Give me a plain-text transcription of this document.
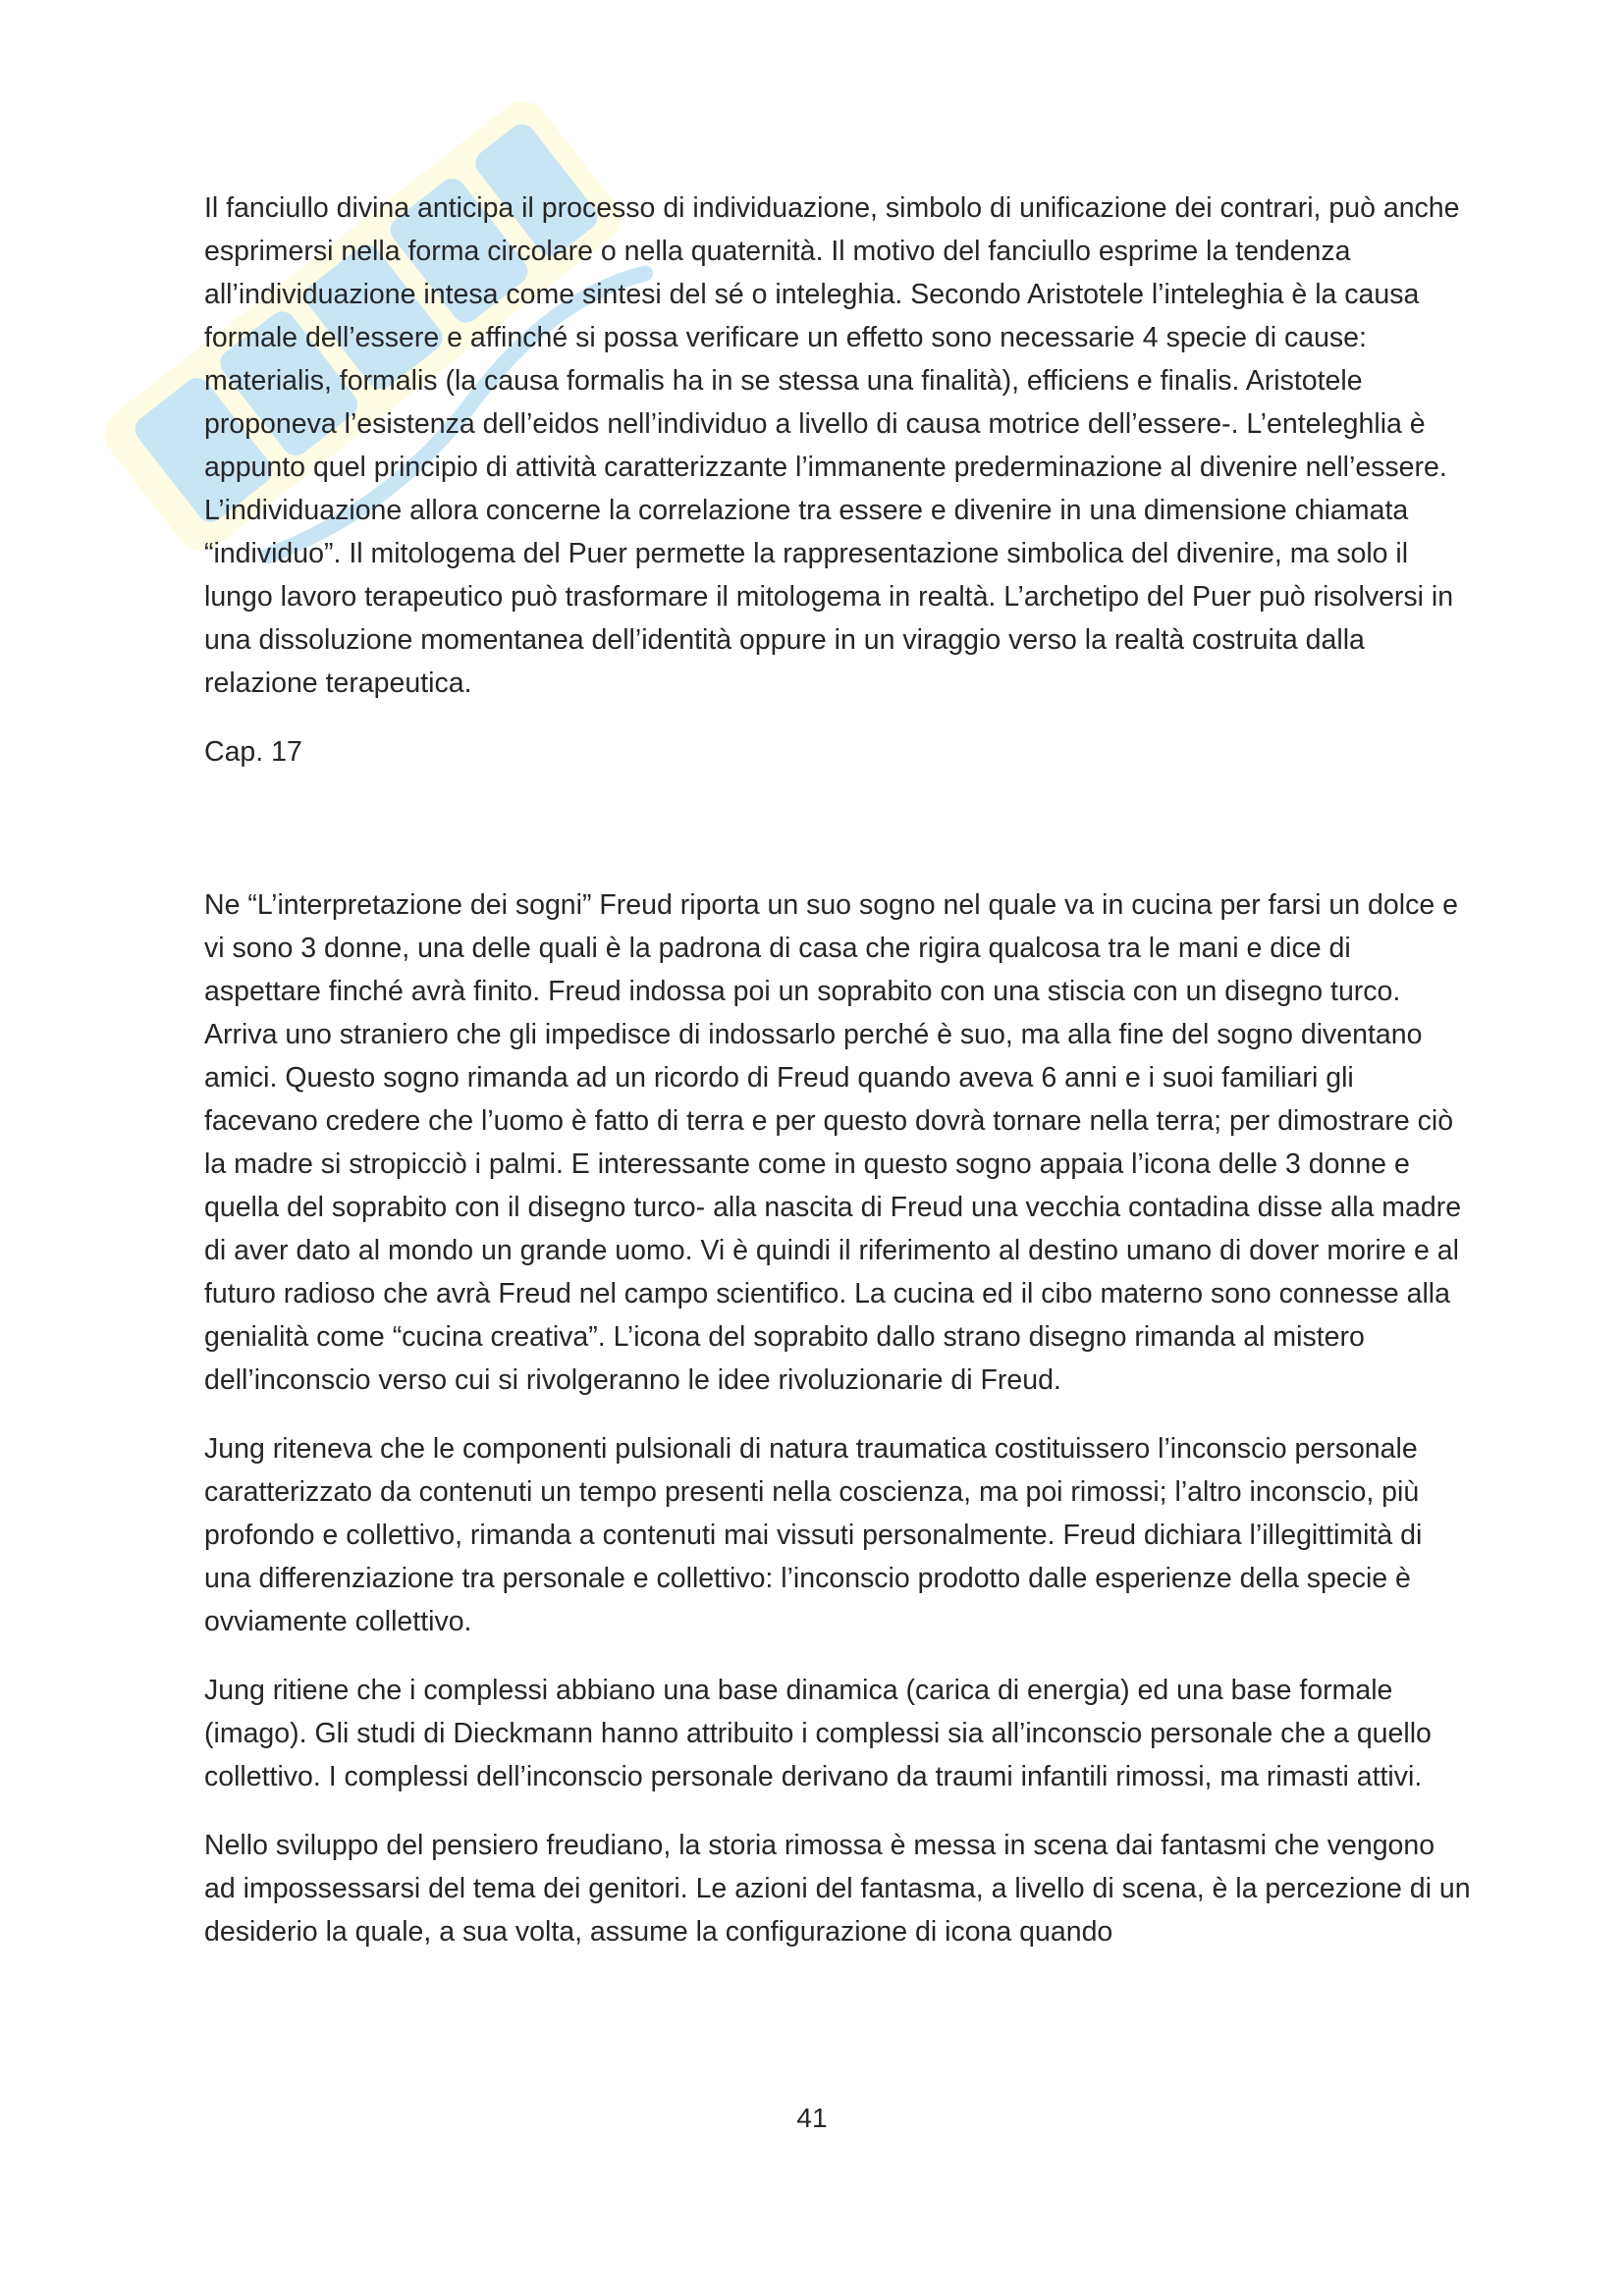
Il fanciullo divina anticipa il processo di individuazione, simbolo di unificazione dei contrari, può anche esprimersi nella forma circolare o nella quaternità. Il motivo del fanciullo esprime la tendenza all’individuazione intesa come sintesi del sé o inteleghia. Secondo Aristotele l’inteleghia è la causa formale dell’essere e affinché si possa verificare un effetto sono necessarie 4 specie di cause: materialis, formalis (la causa formalis ha in se stessa una finalità), efficiens e finalis. Aristotele proponeva l’esistenza dell’eidos nell’individuo a livello di causa motrice dell’essere-. L’enteleghlia è appunto quel principio di attività caratterizzante l’immanente prederminazione al divenire nell’essere. L’individuazione allora concerne la correlazione tra essere e divenire in una dimensione chiamata “individuo”. Il mitologema del Puer permette la rappresentazione simbolica del divenire, ma solo il lungo lavoro terapeutico può trasformare il mitologema in realtà. L’archetipo del Puer può risolversi in una dissoluzione momentanea dell’identità oppure in un viraggio verso la realtà costruita dalla relazione terapeutica.

Cap. 17

Ne “L’interpretazione dei sogni” Freud riporta un suo sogno nel quale va in cucina per farsi un dolce e vi sono 3 donne, una delle quali è la padrona di casa che rigira qualcosa tra le mani e dice di aspettare finché avrà finito. Freud indossa poi un soprabito con una stiscia con un disegno turco. Arriva uno straniero che gli impedisce di indossarlo perché è suo, ma alla fine del sogno diventano amici. Questo sogno rimanda ad un ricordo di Freud quando aveva 6 anni e i suoi familiari gli facevano credere che l’uomo è fatto di terra e per questo dovrà tornare nella terra; per dimostrare ciò la madre si stropicciò i palmi. E interessante come in questo sogno appaia l’icona delle 3 donne e quella del soprabito con il disegno turco- alla nascita di Freud una vecchia contadina disse alla madre di aver dato al mondo un grande uomo. Vi è quindi il riferimento al destino umano di dover morire e al futuro radioso che avrà Freud nel campo scientifico. La cucina ed il cibo materno sono connesse alla genialità come “cucina creativa”. L’icona del soprabito dallo strano disegno rimanda al mistero dell’inconscio verso cui si rivolgeranno le idee rivoluzionarie di Freud.

Jung riteneva che le componenti pulsionali di natura traumatica costituissero l’inconscio personale caratterizzato da contenuti un tempo presenti nella coscienza, ma poi rimossi; l’altro inconscio, più profondo e collettivo, rimanda a contenuti mai vissuti personalmente. Freud dichiara l’illegittimità di una differenziazione tra personale e collettivo: l’inconscio prodotto dalle esperienze della specie è ovviamente collettivo.

Jung ritiene che i complessi abbiano una base dinamica (carica di energia) ed una base formale (imago). Gli studi di Dieckmann hanno attribuito i complessi sia all’inconscio personale che a quello collettivo. I complessi dell’inconscio personale derivano da traumi infantili rimossi, ma rimasti attivi.

Nello sviluppo del pensiero freudiano, la storia rimossa è messa in scena dai fantasmi che vengono ad impossessarsi del tema dei genitori. Le azioni del fantasma, a livello di scena, è la percezione di un desiderio la quale, a sua volta, assume la configurazione di icona quando

41
